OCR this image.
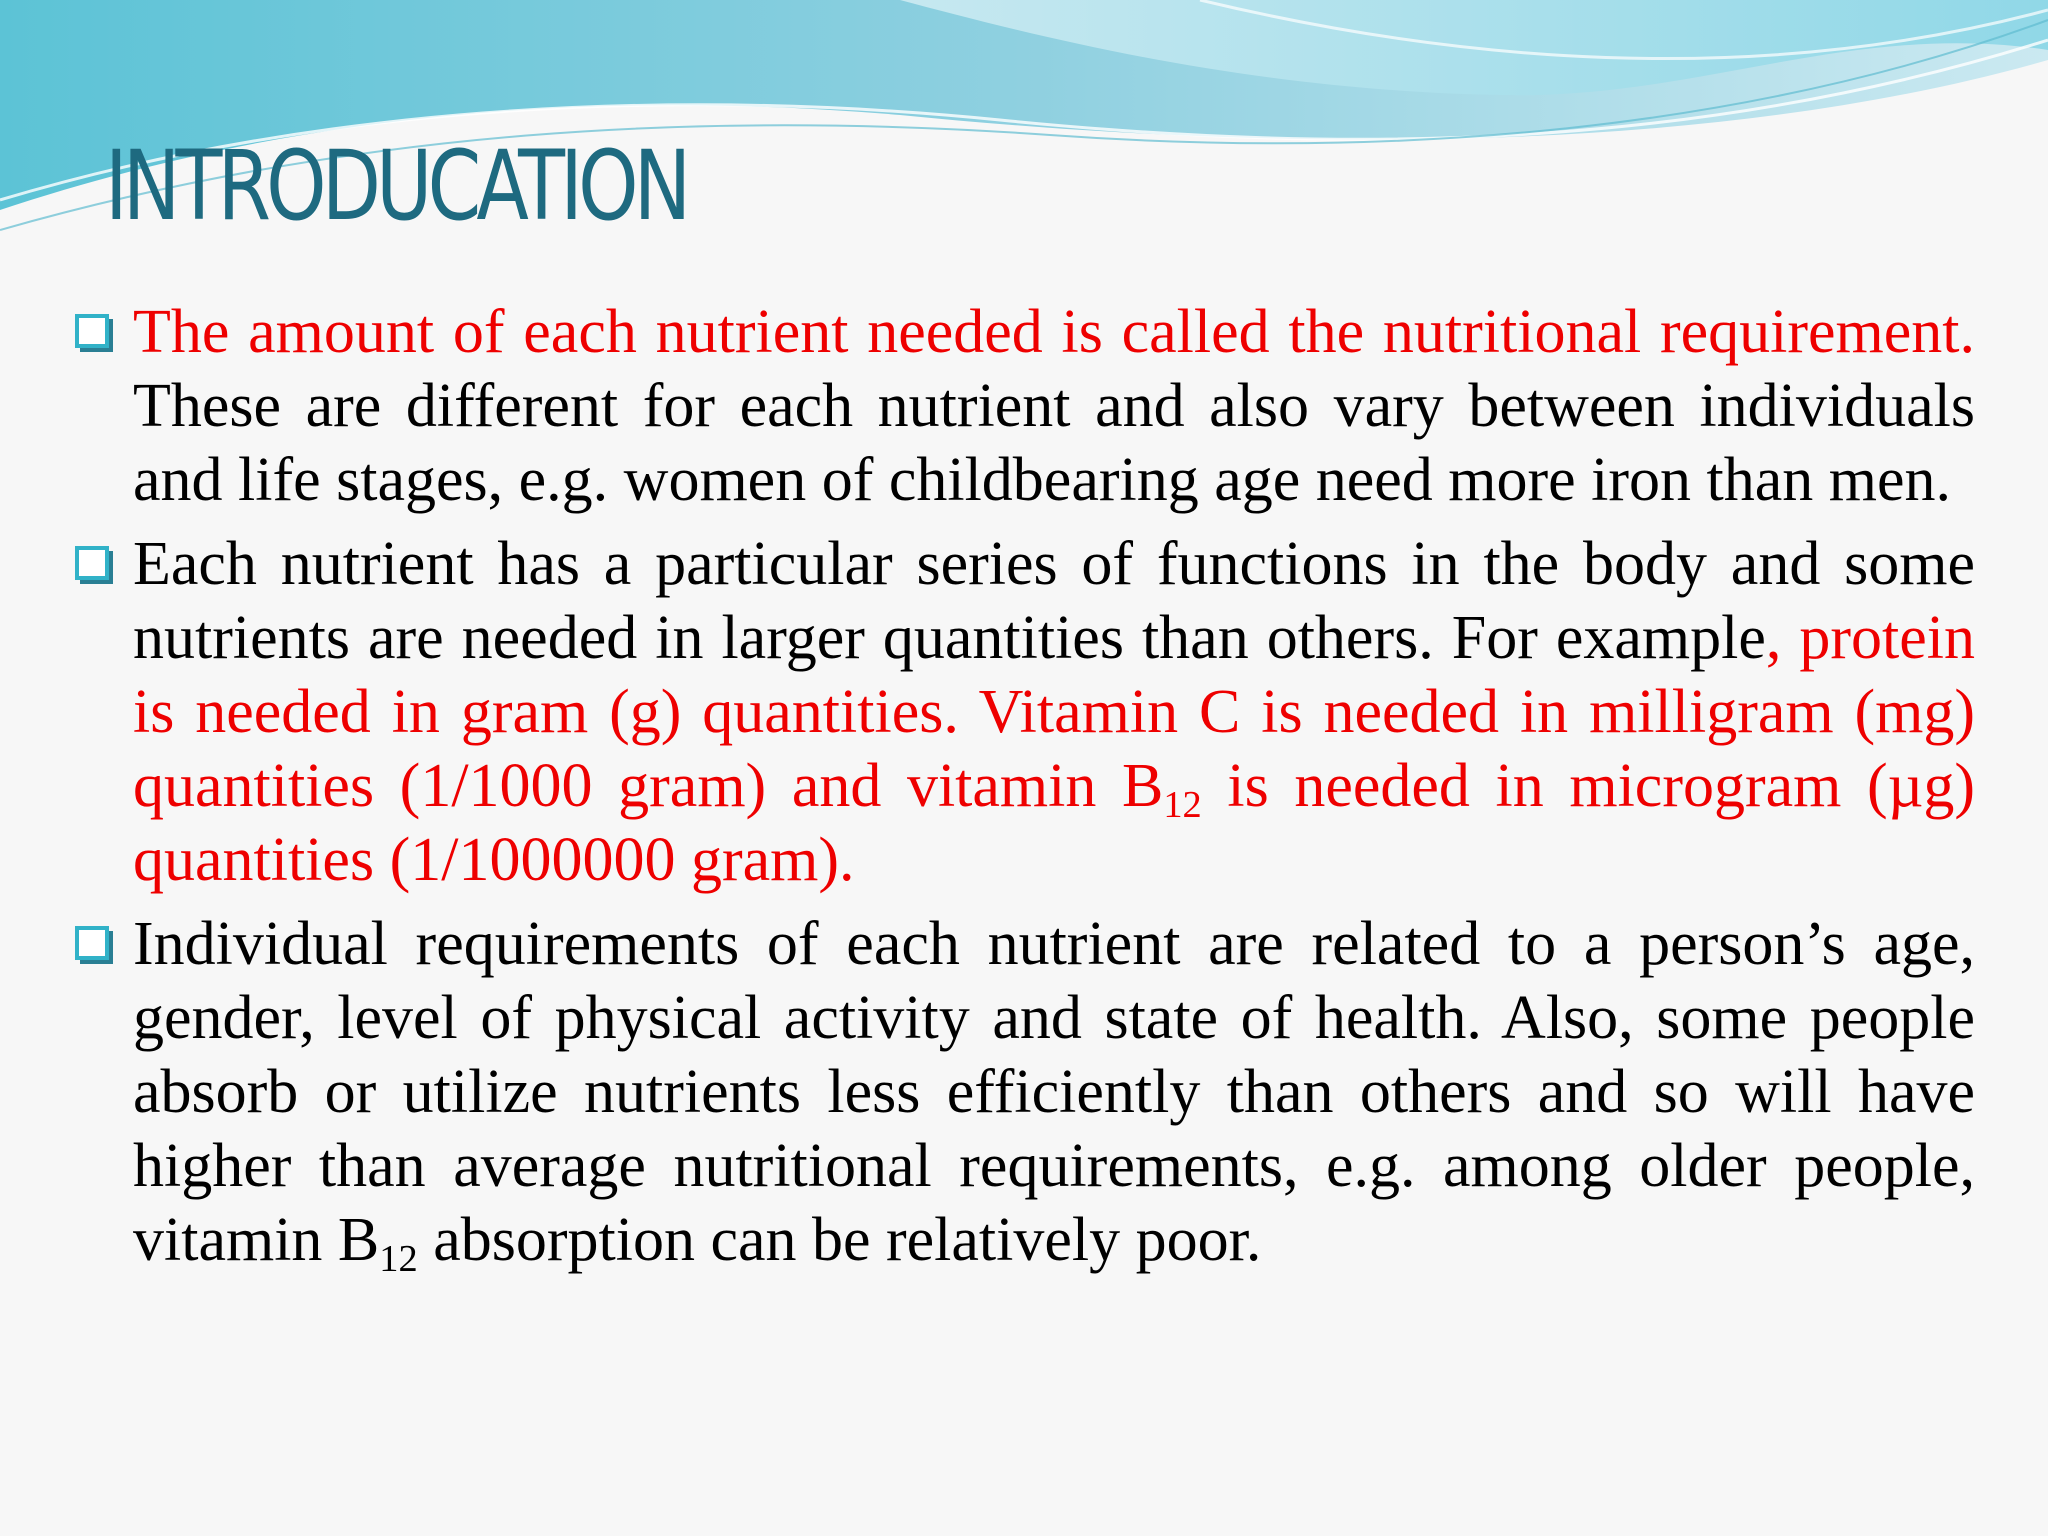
INTRODUCATION
The amount of each nutrient needed is called the nutritional requirement. These are different for each nutrient and also vary between individuals and life stages, e.g. women of childbearing age need more iron than men.
Each nutrient has a particular series of functions in the body and some nutrients are needed in larger quantities than others. For example, protein is needed in gram (g) quantities. Vitamin C is needed in milligram (mg) quantities (1/1000 gram) and vitamin $B_{12}$ is needed in microgram (µg) quantities (1/1000000 gram).
Individual requirements of each nutrient are related to a person’s age, gender, level of physical activity and state of health. Also, some people absorb or utilize nutrients less efficiently than others and so will have higher than average nutritional requirements, e.g. among older people, vitamin $B_{12}$ absorption can be relatively poor.
